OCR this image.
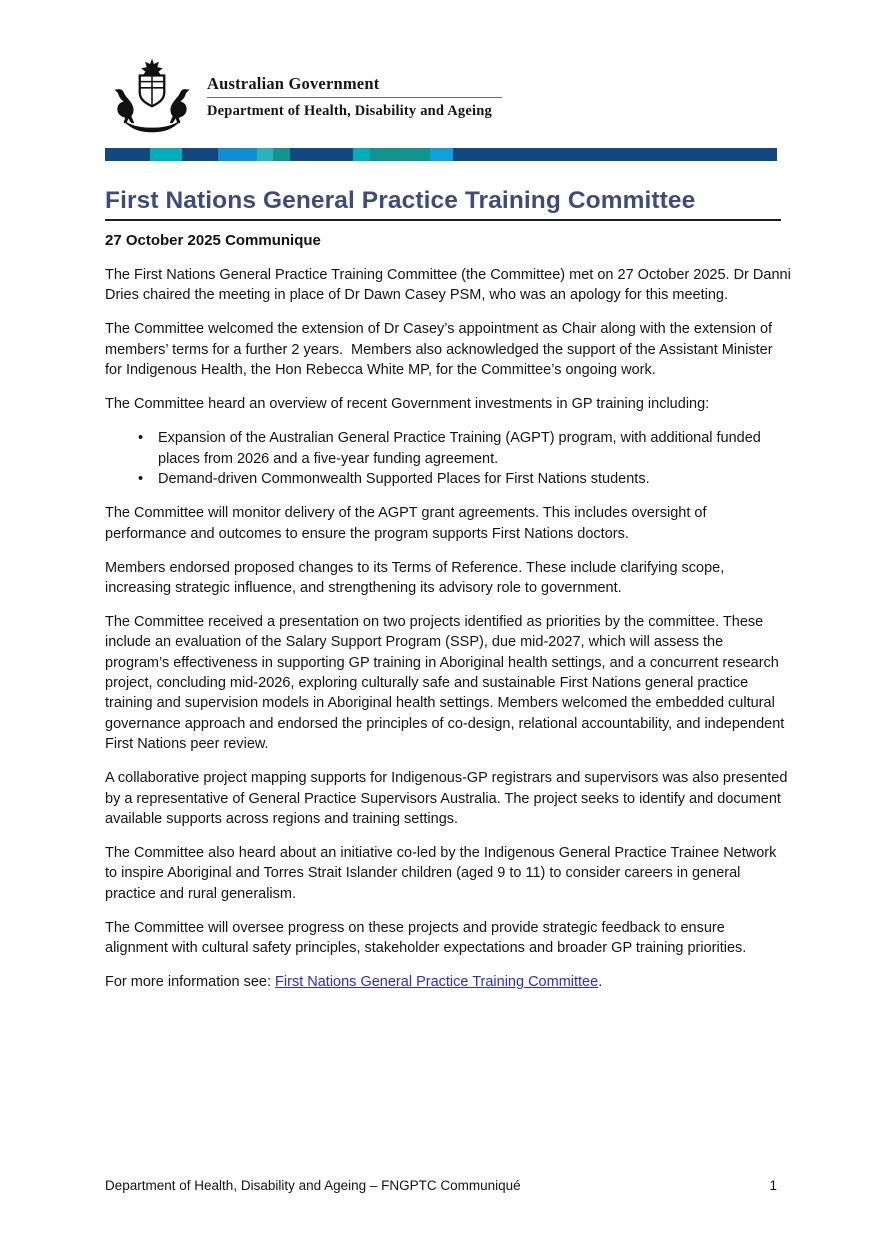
Australian Government
Department of Health, Disability and Ageing
First Nations General Practice Training Committee
27 October 2025 Communique

The First Nations General Practice Training Committee (the Committee) met on 27 October 2025. Dr Danni Dries chaired the meeting in place of Dr Dawn Casey PSM, who was an apology for this meeting.

The Committee welcomed the extension of Dr Casey’s appointment as Chair along with the extension of members’ terms for a further 2 years.  Members also acknowledged the support of the Assistant Minister for Indigenous Health, the Hon Rebecca White MP, for the Committee’s ongoing work.

The Committee heard an overview of recent Government investments in GP training including:

• Expansion of the Australian General Practice Training (AGPT) program, with additional funded places from 2026 and a five-year funding agreement.
• Demand-driven Commonwealth Supported Places for First Nations students.

The Committee will monitor delivery of the AGPT grant agreements. This includes oversight of performance and outcomes to ensure the program supports First Nations doctors.

Members endorsed proposed changes to its Terms of Reference. These include clarifying scope, increasing strategic influence, and strengthening its advisory role to government.

The Committee received a presentation on two projects identified as priorities by the committee. These include an evaluation of the Salary Support Program (SSP), due mid-2027, which will assess the program’s effectiveness in supporting GP training in Aboriginal health settings, and a concurrent research project, concluding mid-2026, exploring culturally safe and sustainable First Nations general practice training and supervision models in Aboriginal health settings. Members welcomed the embedded cultural governance approach and endorsed the principles of co-design, relational accountability, and independent First Nations peer review.

A collaborative project mapping supports for Indigenous-GP registrars and supervisors was also presented by a representative of General Practice Supervisors Australia. The project seeks to identify and document available supports across regions and training settings.

The Committee also heard about an initiative co-led by the Indigenous General Practice Trainee Network to inspire Aboriginal and Torres Strait Islander children (aged 9 to 11) to consider careers in general practice and rural generalism.

The Committee will oversee progress on these projects and provide strategic feedback to ensure alignment with cultural safety principles, stakeholder expectations and broader GP training priorities.

For more information see: First Nations General Practice Training Committee.

Department of Health, Disability and Ageing – FNGPTC Communiqué	1
